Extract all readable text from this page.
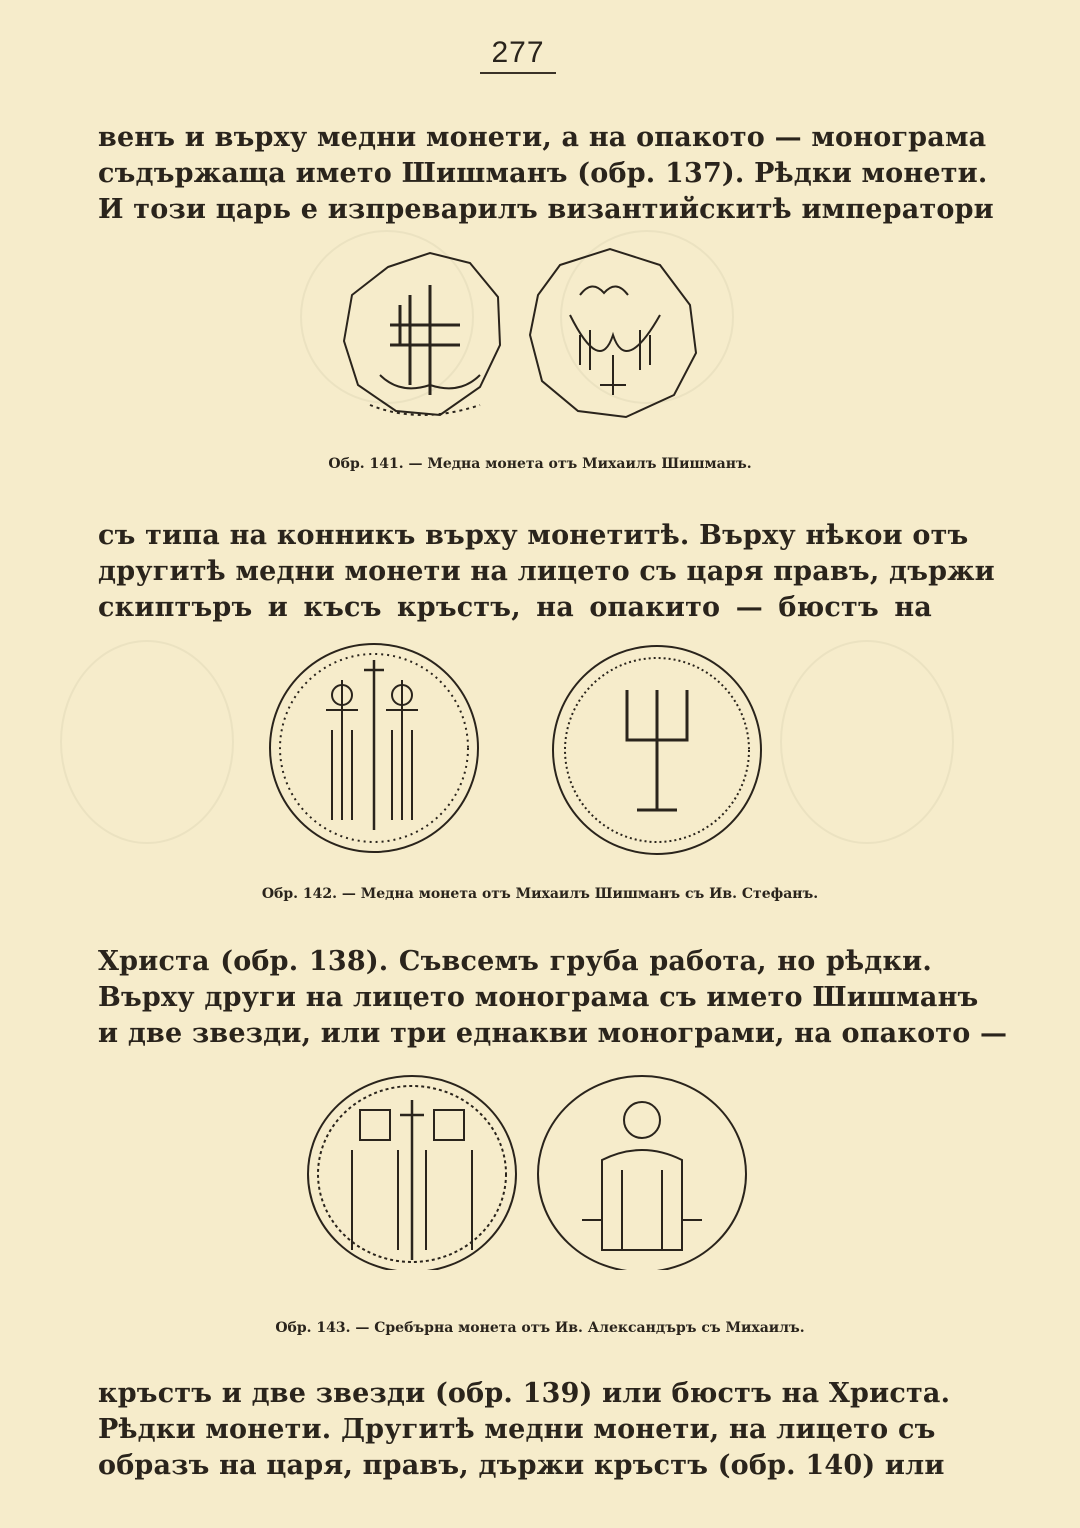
277
венъ и върху медни монети, а на опакото — монограма
съдържаща името Шишманъ (обр. 137). Рѣдки монети.
И този царь е изпреварилъ византийскитѣ императори
Обр. 141. — Медна монета отъ Михаилъ Шишманъ.
съ типа на конникъ върху монетитѣ. Върху нѣкои отъ
другитѣ медни монети на лицето съ царя правъ, държи
скиптъръ и късъ кръстъ, на опакито — бюстъ на
Обр. 142. — Медна монета отъ Михаилъ Шишманъ съ Ив. Стефанъ.
Христа (обр. 138). Съвсемъ груба работа, но рѣдки.
Върху други на лицето монограма съ името Шишманъ
и две звезди, или три еднакви монограми, на опакото —
Обр. 143. — Сребърна монета отъ Ив. Александъръ съ Михаилъ.
кръстъ и две звезди (обр. 139) или бюстъ на Христа.
Рѣдки монети. Другитѣ медни монети, на лицето съ
образъ на царя, правъ, държи кръстъ (обр. 140) или
